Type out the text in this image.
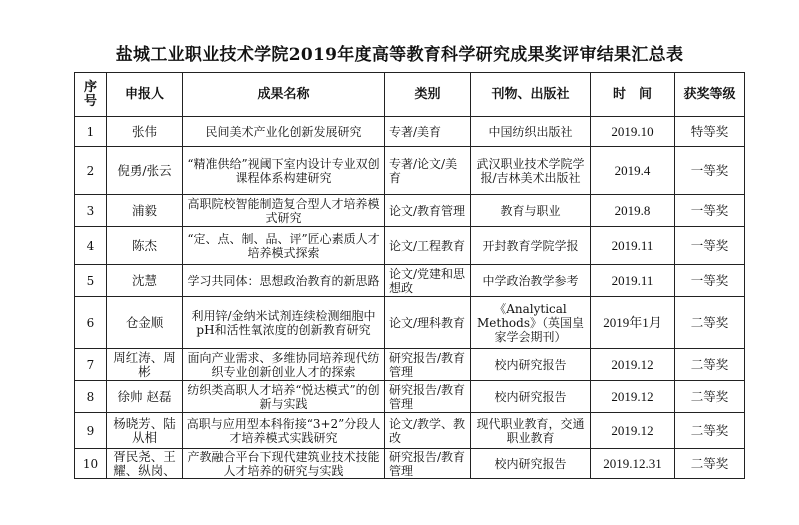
盐城工业职业技术学院2019年度高等教育科学研究成果奖评审结果汇总表
序号	申报人	成果名称	类别	刊物、出版社	时　间	获奖等级
1	张伟	民间美术产业化创新发展研究	专著/美育	中国纺织出版社	2019.10	特等奖
2	倪勇/张云	“精准供给”视阈下室内设计专业双创课程体系构建研究	专著/论文/美育	武汉职业技术学院学报/吉林美术出版社	2019.4	一等奖
3	浦毅	高职院校智能制造复合型人才培养模式研究	论文/教育管理	教育与职业	2019.8	一等奖
4	陈杰	“定、点、制、品、评”匠心素质人才培养模式探索	论文/工程教育	开封教育学院学报	2019.11	一等奖
5	沈慧	学习共同体：思想政治教育的新思路	论文/党建和思想政	中学政治教学参考	2019.11	一等奖
6	仓金顺	利用锌/金纳米试剂连续检测细胞中pH和活性氧浓度的创新教育研究	论文/理科教育	《Analytical Methods》（英国皇家学会期刊）	2019年1月	二等奖
7	周红涛、周彬	面向产业需求、多维协同培养现代纺织专业创新创业人才的探索	研究报告/教育管理	校内研究报告	2019.12	二等奖
8	徐帅 赵磊	纺织类高职人才培养“悦达模式”的创新与实践	研究报告/教育管理	校内研究报告	2019.12	二等奖
9	杨晓芳、陆从相	高职与应用型本科衔接“3+2”分段人才培养模式实践研究	论文/教学、教改	现代职业教育，交通职业教育	2019.12	二等奖
10	胥民尧、王耀、纵岗、	产教融合平台下现代建筑业技术技能人才培养的研究与实践	研究报告/教育管理	校内研究报告	2019.12.31	二等奖
